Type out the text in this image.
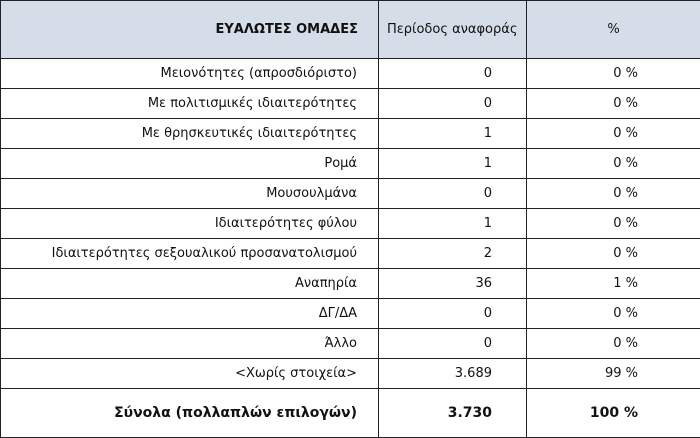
ΕΥΑΛΩΤΕΣ ΟΜΑΔΕΣ	Περίοδος αναφοράς	%
Μειονότητες (απροσδιόριστο)	0	0 %
Με πολιτισμικές ιδιαιτερότητες	0	0 %
Με θρησκευτικές ιδιαιτερότητες	1	0 %
Ρομά	1	0 %
Μουσουλμάνα	0	0 %
Ιδιαιτερότητες φύλου	1	0 %
Ιδιαιτερότητες σεξουαλικού προσανατολισμού	2	0 %
Αναπηρία	36	1 %
ΔΓ/ΔΑ	0	0 %
Άλλο	0	0 %
<Χωρίς στοιχεία>	3.689	99 %
Σύνολα (πολλαπλών επιλογών)	3.730	100 %
